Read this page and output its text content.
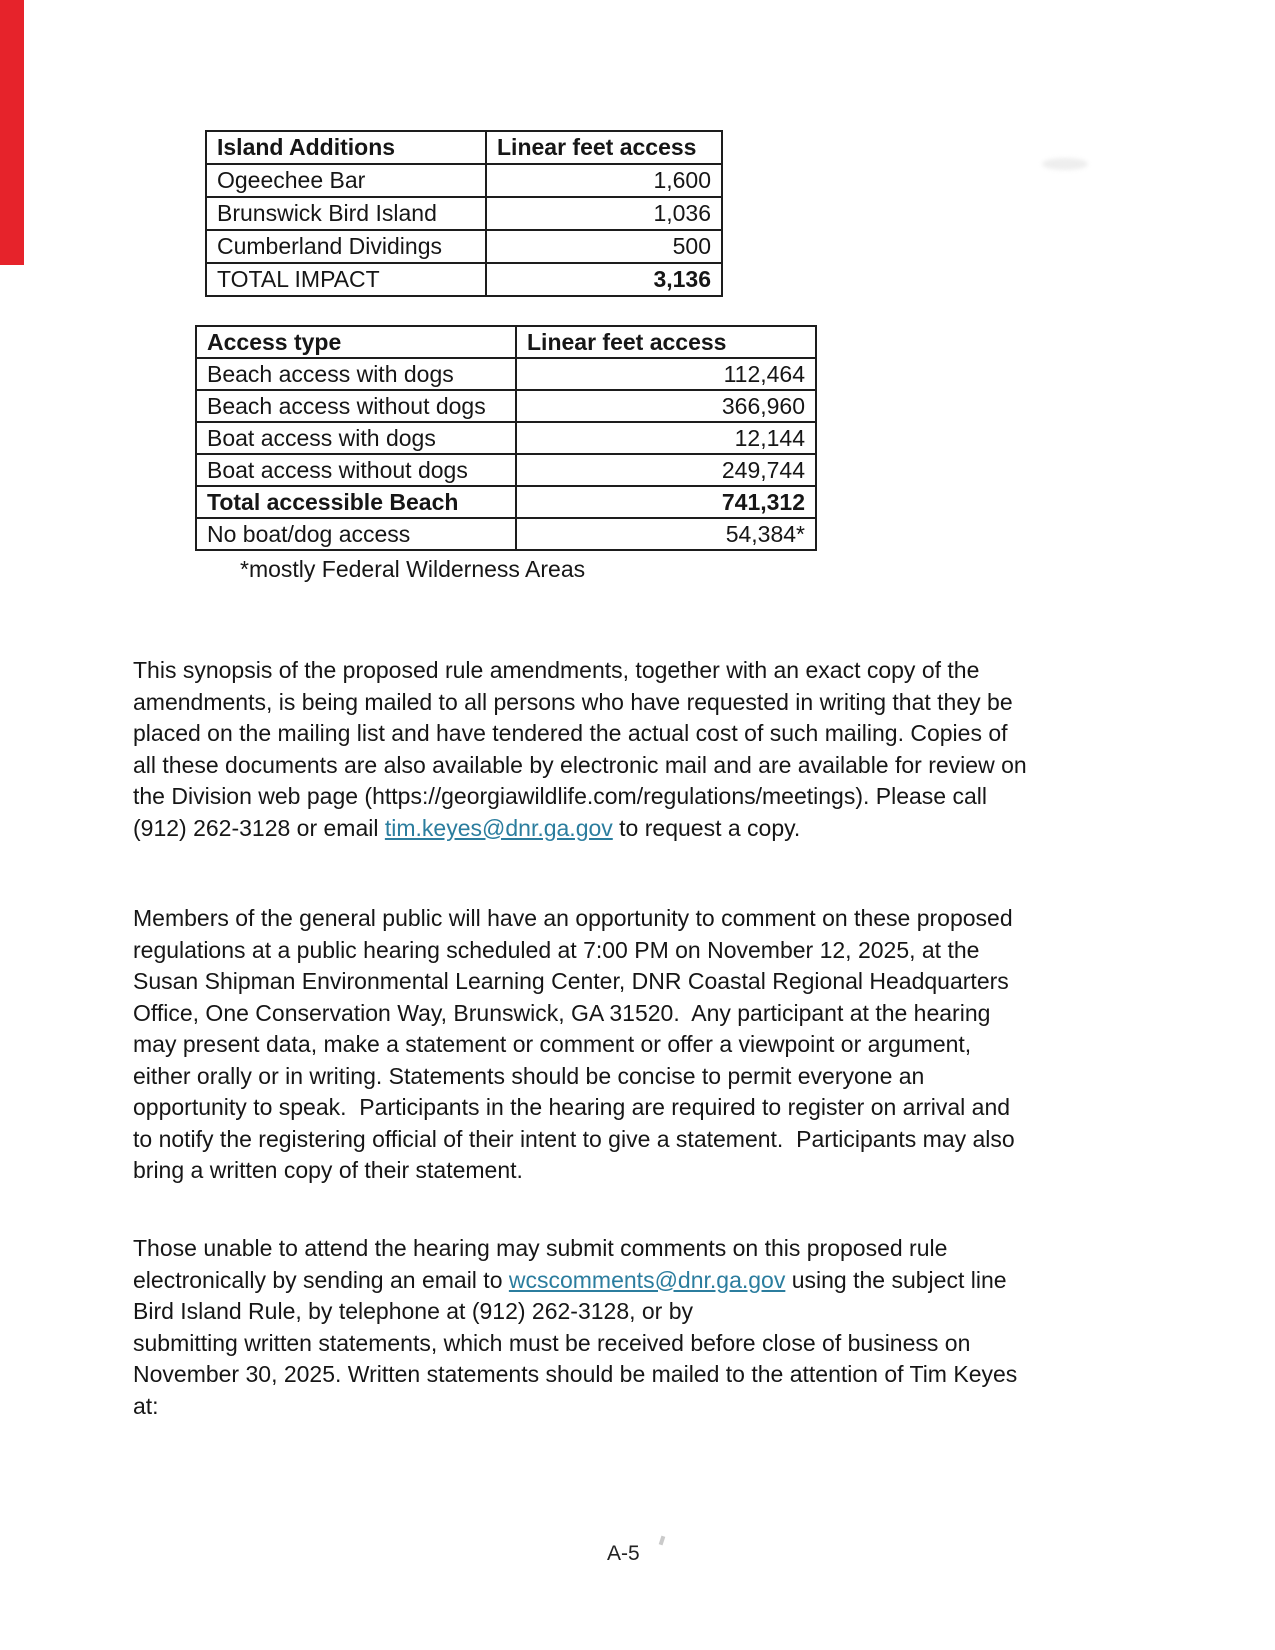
Island Additions	Linear feet access
Ogeechee Bar	1,600
Brunswick Bird Island	1,036
Cumberland Dividings	500
TOTAL IMPACT	3,136
Access type	Linear feet access
Beach access with dogs	112,464
Beach access without dogs	366,960
Boat access with dogs	12,144
Boat access without dogs	249,744
Total accessible Beach	741,312
No boat/dog access	54,384*
*mostly Federal Wilderness Areas
This synopsis of the proposed rule amendments, together with an exact copy of the
amendments, is being mailed to all persons who have requested in writing that they be
placed on the mailing list and have tendered the actual cost of such mailing. Copies of
all these documents are also available by electronic mail and are available for review on
the Division web page (https://georgiawildlife.com/regulations/meetings). Please call
(912) 262-3128 or email tim.keyes@dnr.ga.gov to request a copy.
Members of the general public will have an opportunity to comment on these proposed
regulations at a public hearing scheduled at 7:00 PM on November 12, 2025, at the
Susan Shipman Environmental Learning Center, DNR Coastal Regional Headquarters
Office, One Conservation Way, Brunswick, GA 31520.  Any participant at the hearing
may present data, make a statement or comment or offer a viewpoint or argument,
either orally or in writing. Statements should be concise to permit everyone an
opportunity to speak.  Participants in the hearing are required to register on arrival and
to notify the registering official of their intent to give a statement.  Participants may also
bring a written copy of their statement.
Those unable to attend the hearing may submit comments on this proposed rule
electronically by sending an email to wcscomments@dnr.ga.gov using the subject line
Bird Island Rule, by telephone at (912) 262-3128, or by
submitting written statements, which must be received before close of business on
November 30, 2025. Written statements should be mailed to the attention of Tim Keyes
at:
A-5
